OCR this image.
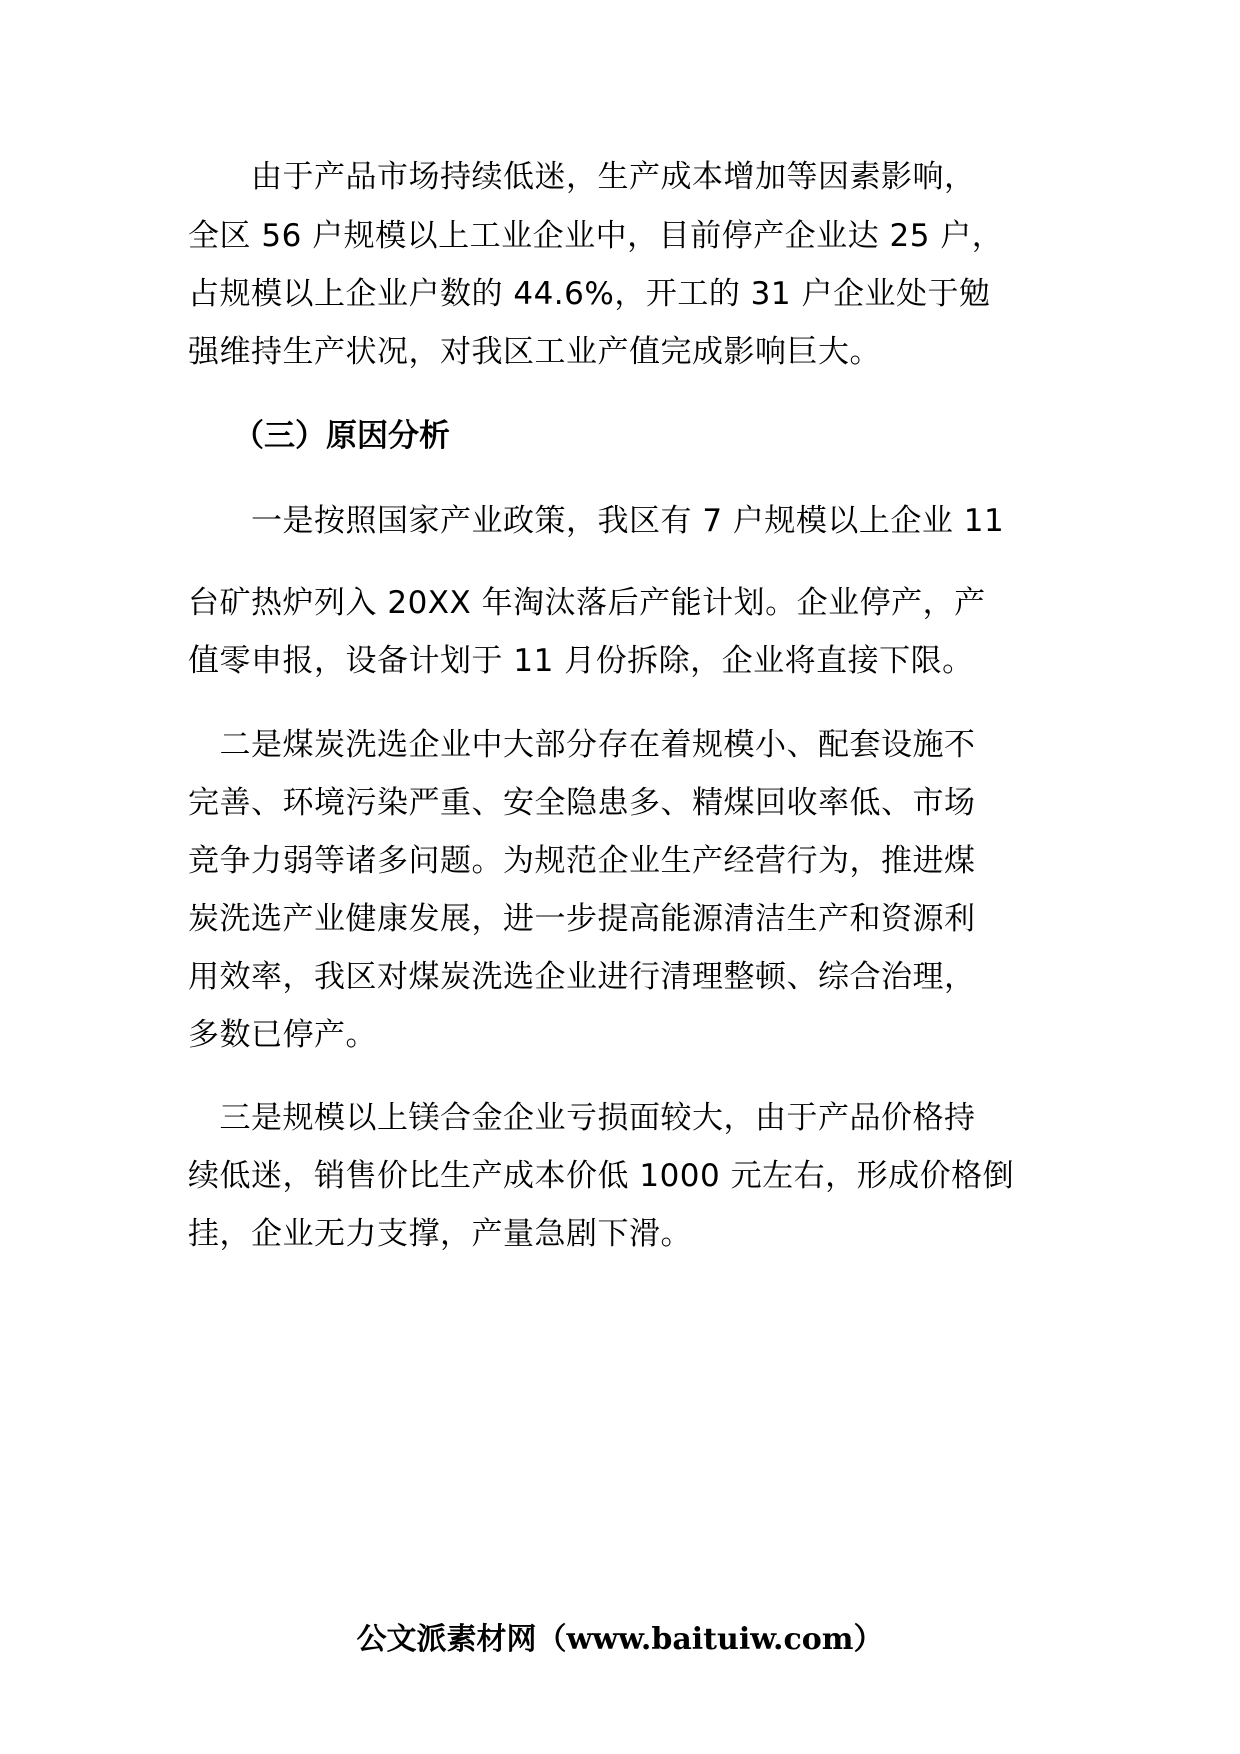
　　由于产品市场持续低迷，生产成本增加等因素影响，
全区 56 户规模以上工业企业中，目前停产企业达 25 户，
占规模以上企业户数的 44.6%，开工的 31 户企业处于勉
强维持生产状况，对我区工业产值完成影响巨大。
（三）原因分析
　　一是按照国家产业政策，我区有 7 户规模以上企业 11
台矿热炉列入 20XX 年淘汰落后产能计划。企业停产，产
值零申报，设备计划于 11 月份拆除，企业将直接下限。
　二是煤炭洗选企业中大部分存在着规模小、配套设施不
完善、环境污染严重、安全隐患多、精煤回收率低、市场
竞争力弱等诸多问题。为规范企业生产经营行为，推进煤
炭洗选产业健康发展，进一步提高能源清洁生产和资源利
用效率，我区对煤炭洗选企业进行清理整顿、综合治理，
多数已停产。
　三是规模以上镁合金企业亏损面较大，由于产品价格持
续低迷，销售价比生产成本价低 1000 元左右，形成价格倒
挂，企业无力支撑，产量急剧下滑。
公文派素材网（www.baituiw.com）
